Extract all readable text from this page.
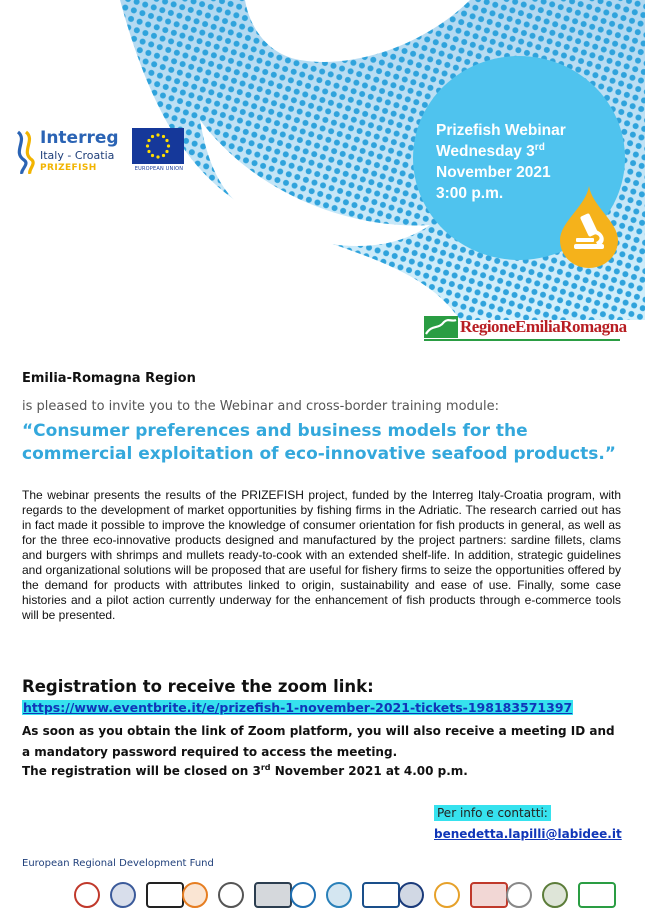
Interreg
Italy - Croatia
PRIZEFISH	EUROPEAN UNION
Prizefish Webinar
Wednesday 3rd
November 2021
3:00 p.m.
RegioneEmiliaRomagna
Emilia-Romagna Region
is pleased to invite you to the Webinar and cross-border training module:
“Consumer preferences and business models for the commercial exploitation of eco-innovative seafood products.”
The webinar presents the results of the PRIZEFISH project, funded by the Interreg Italy-Croatia program, with regards to the development of market opportunities by fishing firms in the Adriatic. The research carried out has in fact made it possible to improve the knowledge of consumer orientation for fish products in general, as well as for the three eco-innovative products designed and manufactured by the project partners: sardine fillets, clams and burgers with shrimps and mullets ready-to-cook with an extended shelf-life. In addition, strategic guidelines and organizational solutions will be proposed that are useful for fishery firms to seize the opportunities offered by the demand for products with attributes linked to origin, sustainability and ease of use. Finally, some case histories and a pilot action currently underway for the enhancement of fish products through e-commerce tools will be presented.
Registration to receive the zoom link:
https://www.eventbrite.it/e/prizefish-1-november-2021-tickets-198183571397
As soon as you obtain the link of Zoom platform, you will also receive a meeting ID and a mandatory password required to access the meeting.
The registration will be closed on 3rd November 2021 at 4.00 p.m.
Per info e contatti:
benedetta.lapilli@labidee.it
European Regional Development Fund
